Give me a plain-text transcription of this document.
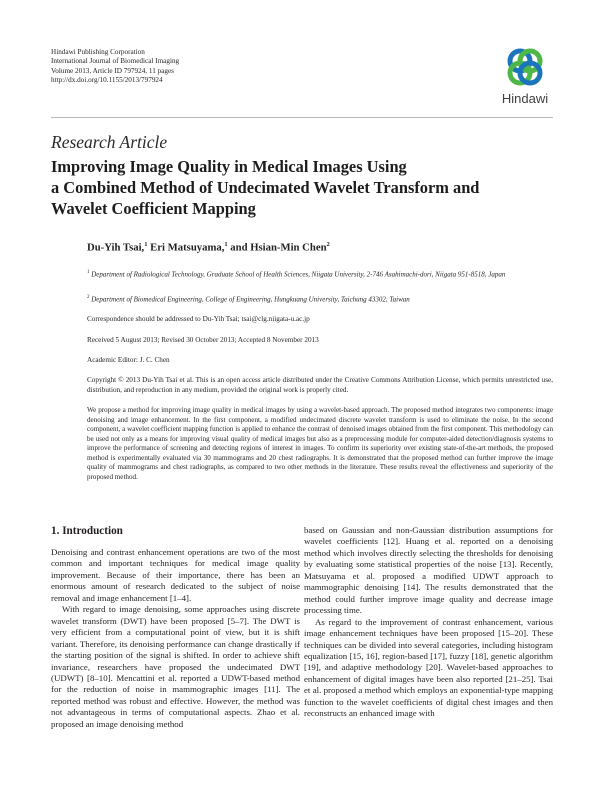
Hindawi Publishing Corporation
International Journal of Biomedical Imaging
Volume 2013, Article ID 797924, 11 pages
http://dx.doi.org/10.1155/2013/797924
Hindawi
Research Article
Improving Image Quality in Medical Images Using
a Combined Method of Undecimated Wavelet Transform and
Wavelet Coefficient Mapping
Du-Yih Tsai,$^1$ Eri Matsuyama,$^1$ and Hsian-Min Chen$^2$
$^1$ Department of Radiological Technology, Graduate School of Health Sciences, Niigata University, 2-746 Asahimachi-dori, Niigata 951-8518, Japan
$^2$ Department of Biomedical Engineering, College of Engineering, Hungkuang University, Taichung 43302, Taiwan
Correspondence should be addressed to Du-Yih Tsai; tsai@clg.niigata-u.ac.jp
Received 5 August 2013; Revised 30 October 2013; Accepted 8 November 2013
Academic Editor: J. C. Chen
Copyright © 2013 Du-Yih Tsai et al. This is an open access article distributed under the Creative Commons Attribution License, which permits unrestricted use, distribution, and reproduction in any medium, provided the original work is properly cited.
We propose a method for improving image quality in medical images by using a wavelet-based approach. The proposed method integrates two components: image denoising and image enhancement. In the first component, a modified undecimated discrete wavelet transform is used to eliminate the noise. In the second component, a wavelet coefficient mapping function is applied to enhance the contrast of denoised images obtained from the first component. This methodology can be used not only as a means for improving visual quality of medical images but also as a preprocessing module for computer-aided detection/diagnosis systems to improve the performance of screening and detecting regions of interest in images. To confirm its superiority over existing state-of-the-art methods, the proposed method is experimentally evaluated via 30 mammograms and 20 chest radiographs. It is demonstrated that the proposed method can further improve the image quality of mammograms and chest radiographs, as compared to two other methods in the literature. These results reveal the effectiveness and superiority of the proposed method.
1. Introduction

Denoising and contrast enhancement operations are two of the most common and important techniques for medical image quality improvement. Because of their importance, there has been an enormous amount of research dedicated to the subject of noise removal and image enhancement [1–4].

With regard to image denoising, some approaches using discrete wavelet transform (DWT) have been proposed [5–7]. The DWT is very efficient from a computational point of view, but it is shift variant. Therefore, its denoising performance can change drastically if the starting position of the signal is shifted. In order to achieve shift invariance, researchers have proposed the undecimated DWT (UDWT) [8–10]. Mencattini et al. reported a UDWT-based method for the reduction of noise in mammographic images [11]. The reported method was robust and effective. However, the method was not advantageous in terms of computational aspects. Zhao et al. proposed an image denoising method

based on Gaussian and non-Gaussian distribution assumptions for wavelet coefficients [12]. Huang et al. reported on a denoising method which involves directly selecting the thresholds for denoising by evaluating some statistical properties of the noise [13]. Recently, Matsuyama et al. proposed a modified UDWT approach to mammographic denoising [14]. The results demonstrated that the method could further improve image quality and decrease image processing time.

As regard to the improvement of contrast enhancement, various image enhancement techniques have been proposed [15–20]. These techniques can be divided into several categories, including histogram equalization [15, 16], region-based [17], fuzzy [18], genetic algorithm [19], and adaptive methodology [20]. Wavelet-based approaches to enhancement of digital images have been also reported [21–25]. Tsai et al. proposed a method which employs an exponential-type mapping function to the wavelet coefficients of digital chest images and then reconstructs an enhanced image with
